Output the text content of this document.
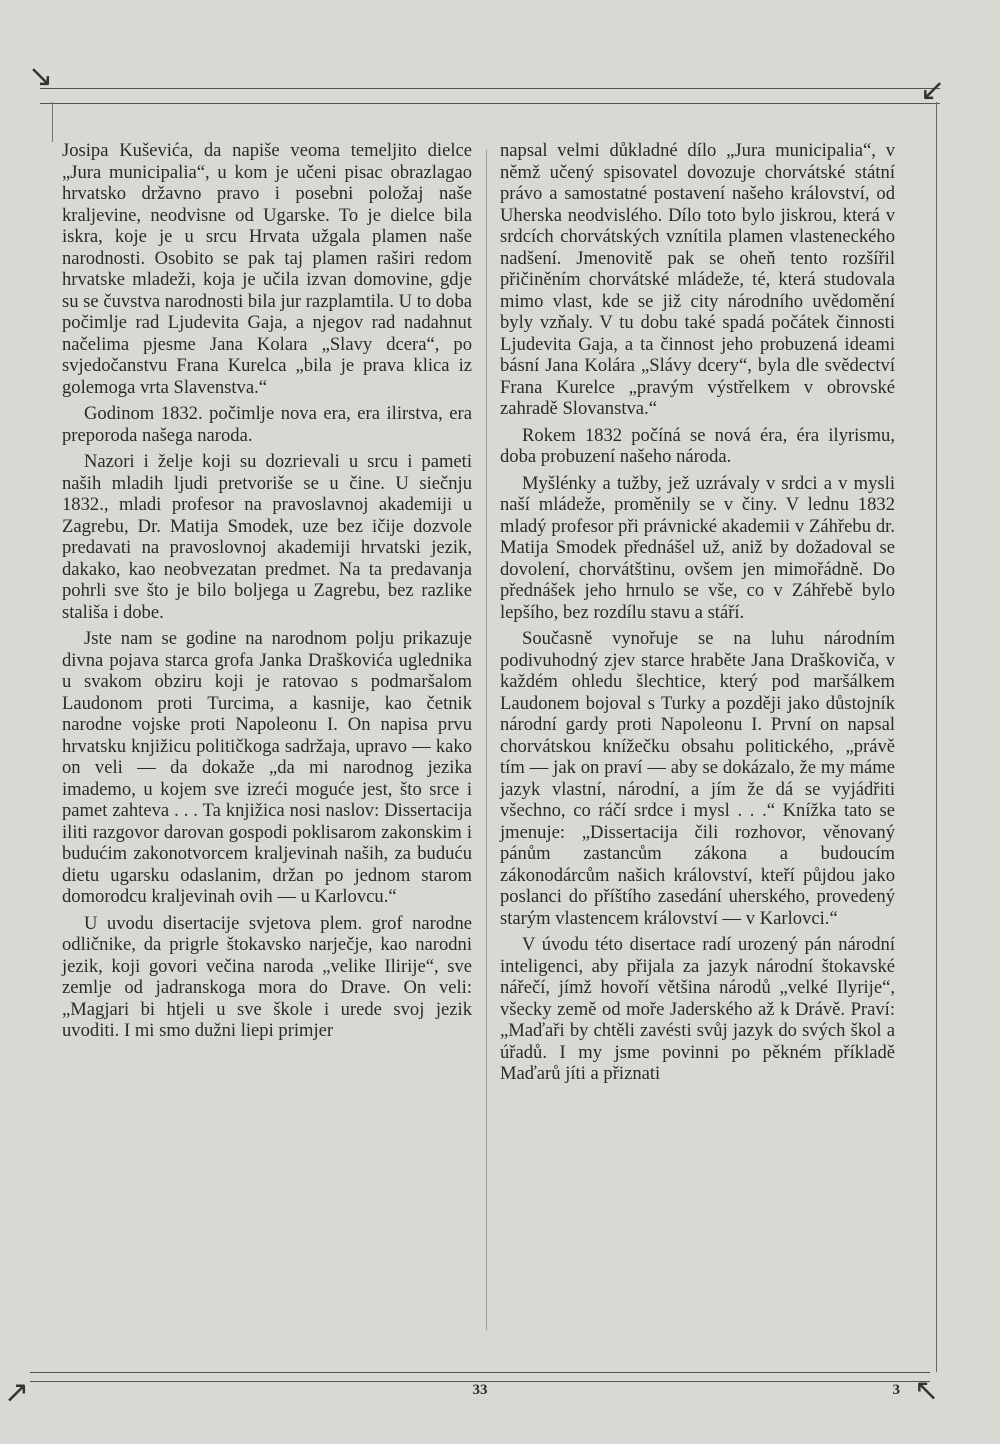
↘	↙
↗	↖

Josipa Kuševića, da napiše veoma temeljito dielce „Jura municipalia“, u kom je učeni pisac obrazlagao hrvatsko državno pravo i posebni položaj naše kraljevine, neodvisne od Ugarske. To je dielce bila iskra, koje je u srcu Hrvata užgala plamen naše narodnosti. Osobito se pak taj plamen raširi redom hrvatske mladeži, koja je učila izvan domovine, gdje su se čuvstva narodnosti bila jur razplamtila. U to doba počimlje rad Ljudevita Gaja, a njegov rad nadahnut načelima pjesme Jana Kolara „Slavy dcera“, po svjedočanstvu Frana Kurelca „bila je prava klica iz golemoga vrta Slavenstva.“

Godinom 1832. počimlje nova era, era ilirstva, era preporoda našega naroda.

Nazori i želje koji su dozrievali u srcu i pameti naših mladih ljudi pretvoriše se u čine. U siečnju 1832., mladi profesor na pravoslavnoj akademiji u Zagrebu, Dr. Matija Smodek, uze bez ičije dozvole predavati na pravoslovnoj akademiji hrvatski jezik, dakako, kao neobvezatan predmet. Na ta predavanja pohrli sve što je bilo boljega u Zagrebu, bez razlike stališa i dobe.

Jste nam se godine na narodnom polju prikazuje divna pojava starca grofa Janka Draškovića uglednika u svakom obziru koji je ratovao s podmaršalom Laudonom proti Turcima, a kasnije, kao četnik narodne vojske proti Napoleonu I. On napisa prvu hrvatsku knjižicu političkoga sadržaja, upravo — kako on veli — da dokaže „da mi narodnog jezika imademo, u kojem sve izreći moguće jest, što srce i pamet zahteva . . . Ta knjižica nosi naslov: Dissertacija iliti razgovor darovan gospodi poklisarom zakonskim i budućim zakonotvorcem kraljevinah naših, za buduću dietu ugarsku odaslanim, držan po jednom starom domorodcu kraljevinah ovih — u Karlovcu.“

U uvodu disertacije svjetova plem. grof narodne odličnike, da prigrle štokavsko narječje, kao narodni jezik, koji govori večina naroda „velike Ilirije“, sve zemlje od jadranskoga mora do Drave. On veli: „Magjari bi htjeli u sve škole i urede svoj jezik uvoditi. I mi smo dužni liepi primjer

napsal velmi důkladné dílo „Jura municipalia“, v němž učený spisovatel dovozuje chorvátské státní právo a samostatné postavení našeho království, od Uherska neodvislého. Dílo toto bylo jiskrou, která v srdcích chorvátských vznítila plamen vlasteneckého nadšení. Jmenovitě pak se oheň tento rozšířil přičiněním chorvátské mládeže, té, která studovala mimo vlast, kde se již city národního uvědomění byly vzňaly. V tu dobu také spadá počátek činnosti Ljudevita Gaja, a ta činnost jeho probuzená ideami básní Jana Kolára „Slávy dcery“, byla dle svědectví Frana Kurelce „pravým výstřelkem v obrovské zahradě Slovanstva.“

Rokem 1832 počíná se nová éra, éra ilyrismu, doba probuzení našeho národa.

Myšlénky a tužby, jež uzrávaly v srdci a v mysli naší mládeže, proměnily se v činy. V lednu 1832 mladý profesor při právnické akademii v Záhřebu dr. Matija Smodek přednášel už, aniž by dožadoval se dovolení, chorvátštinu, ovšem jen mimořádně. Do přednášek jeho hrnulo se vše, co v Záhřebě bylo lepšího, bez rozdílu stavu a stáří.

Současně vynořuje se na luhu národním podivuhodný zjev starce hraběte Jana Draškoviča, v každém ohledu šlechtice, který pod maršálkem Laudonem bojoval s Turky a později jako důstojník národní gardy proti Napoleonu I. První on napsal chorvátskou knížečku obsahu politického, „právě tím — jak on praví — aby se dokázalo, že my máme jazyk vlastní, národní, a jím že dá se vyjádřiti všechno, co ráčí srdce i mysl . . .“ Knížka tato se jmenuje: „Dissertacija čili rozhovor, věnovaný pánům zastancům zákona a budoucím zákonodárcům našich království, kteří půjdou jako poslanci do příštího zasedání uherského, provedený starým vlastencem království — v Karlovci.“

V úvodu této disertace radí urozený pán národní inteligenci, aby přijala za jazyk národní štokavské nářečí, jímž hovoří většina národů „velké Ilyrije“, všecky země od moře Jaderského až k Drávě. Praví: „Maďaři by chtěli zavésti svůj jazyk do svých škol a úřadů. I my jsme povinni po pěkném příkladě Maďarů jíti a přiznati

33	3
